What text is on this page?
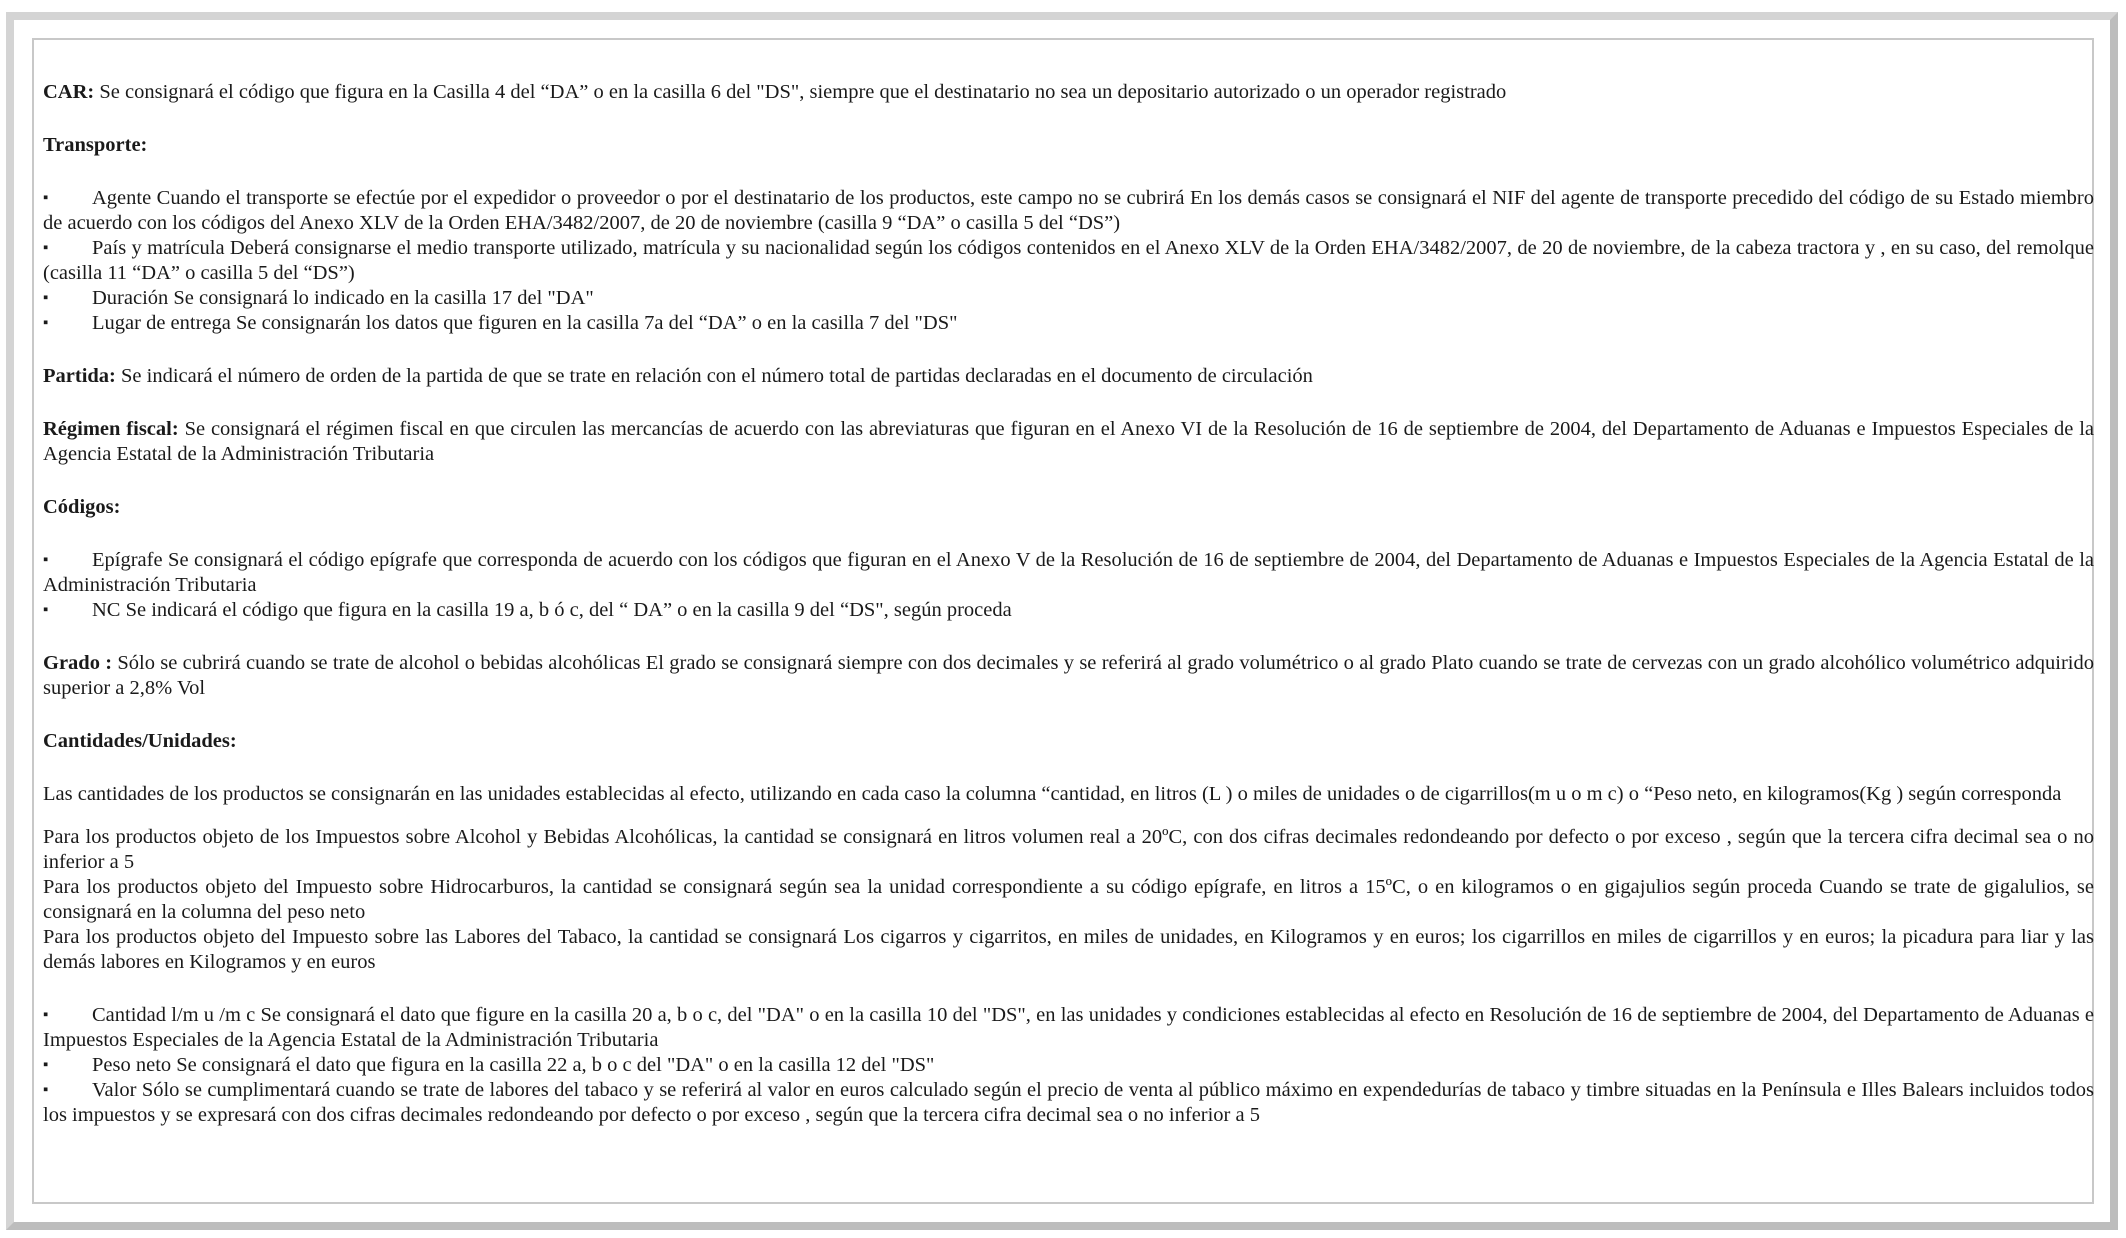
CAR: Se consignará el código que figura en la Casilla 4 del “DA” o en la casilla 6 del "DS", siempre que el destinatario no sea un depositario autorizado o un operador registrado

Transporte:

▪ Agente Cuando el transporte se efectúe por el expedidor o proveedor o por el destinatario de los productos, este campo no se cubrirá En los demás casos se consignará el NIF del agente de transporte precedido del código de su Estado miembro de acuerdo con los códigos del Anexo XLV de la Orden EHA/3482/2007, de 20 de noviembre (casilla 9 “DA” o casilla 5 del “DS”)

▪ País y matrícula Deberá consignarse el medio transporte utilizado, matrícula y su nacionalidad según los códigos contenidos en el Anexo XLV de la Orden EHA/3482/2007, de 20 de noviembre, de la cabeza tractora y , en su caso, del remolque (casilla 11 “DA” o casilla 5 del “DS”)

▪ Duración Se consignará lo indicado en la casilla 17 del "DA"

▪ Lugar de entrega Se consignarán los datos que figuren en la casilla 7a del “DA” o en la casilla 7 del "DS"

Partida: Se indicará el número de orden de la partida de que se trate en relación con el número total de partidas declaradas en el documento de circulación

Régimen fiscal: Se consignará el régimen fiscal en que circulen las mercancías de acuerdo con las abreviaturas que figuran en el Anexo VI de la Resolución de 16 de septiembre de 2004, del Departamento de Aduanas e Impuestos Especiales de la Agencia Estatal de la Administración Tributaria

Códigos:

▪ Epígrafe Se consignará el código epígrafe que corresponda de acuerdo con los códigos que figuran en el Anexo V de la Resolución de 16 de septiembre de 2004, del Departamento de Aduanas e Impuestos Especiales de la Agencia Estatal de la Administración Tributaria

▪ NC Se indicará el código que figura en la casilla 19 a, b ó c, del “ DA” o en la casilla 9 del “DS", según proceda

Grado : Sólo se cubrirá cuando se trate de alcohol o bebidas alcohólicas El grado se consignará siempre con dos decimales y se referirá al grado volumétrico o al grado Plato cuando se trate de cervezas con un grado alcohólico volumétrico adquirido superior a 2,8% Vol

Cantidades/Unidades:

Las cantidades de los productos se consignarán en las unidades establecidas al efecto, utilizando en cada caso la columna “cantidad, en litros (L ) o miles de unidades o de cigarrillos(m u o m c) o “Peso neto, en kilogramos(Kg ) según corresponda

Para los productos objeto de los Impuestos sobre Alcohol y Bebidas Alcohólicas, la cantidad se consignará en litros volumen real a 20ºC, con dos cifras decimales redondeando por defecto o por exceso , según que la tercera cifra decimal sea o no inferior a 5

Para los productos objeto del Impuesto sobre Hidrocarburos, la cantidad se consignará según sea la unidad correspondiente a su código epígrafe, en litros a 15ºC, o en kilogramos o en gigajulios según proceda Cuando se trate de gigalulios, se consignará en la columna del peso neto

Para los productos objeto del Impuesto sobre las Labores del Tabaco, la cantidad se consignará Los cigarros y cigarritos, en miles de unidades, en Kilogramos y en euros; los cigarrillos en miles de cigarrillos y en euros; la picadura para liar y las demás labores en Kilogramos y en euros

▪ Cantidad l/m u /m c Se consignará el dato que figure en la casilla 20 a, b o c, del "DA" o en la casilla 10 del "DS", en las unidades y condiciones establecidas al efecto en Resolución de 16 de septiembre de 2004, del Departamento de Aduanas e Impuestos Especiales de la Agencia Estatal de la Administración Tributaria

▪ Peso neto Se consignará el dato que figura en la casilla 22 a, b o c del "DA" o en la casilla 12 del "DS"

▪ Valor Sólo se cumplimentará cuando se trate de labores del tabaco y se referirá al valor en euros calculado según el precio de venta al público máximo en expendedurías de tabaco y timbre situadas en la Península e Illes Balears incluidos todos los impuestos y se expresará con dos cifras decimales redondeando por defecto o por exceso , según que la tercera cifra decimal sea o no inferior a 5
